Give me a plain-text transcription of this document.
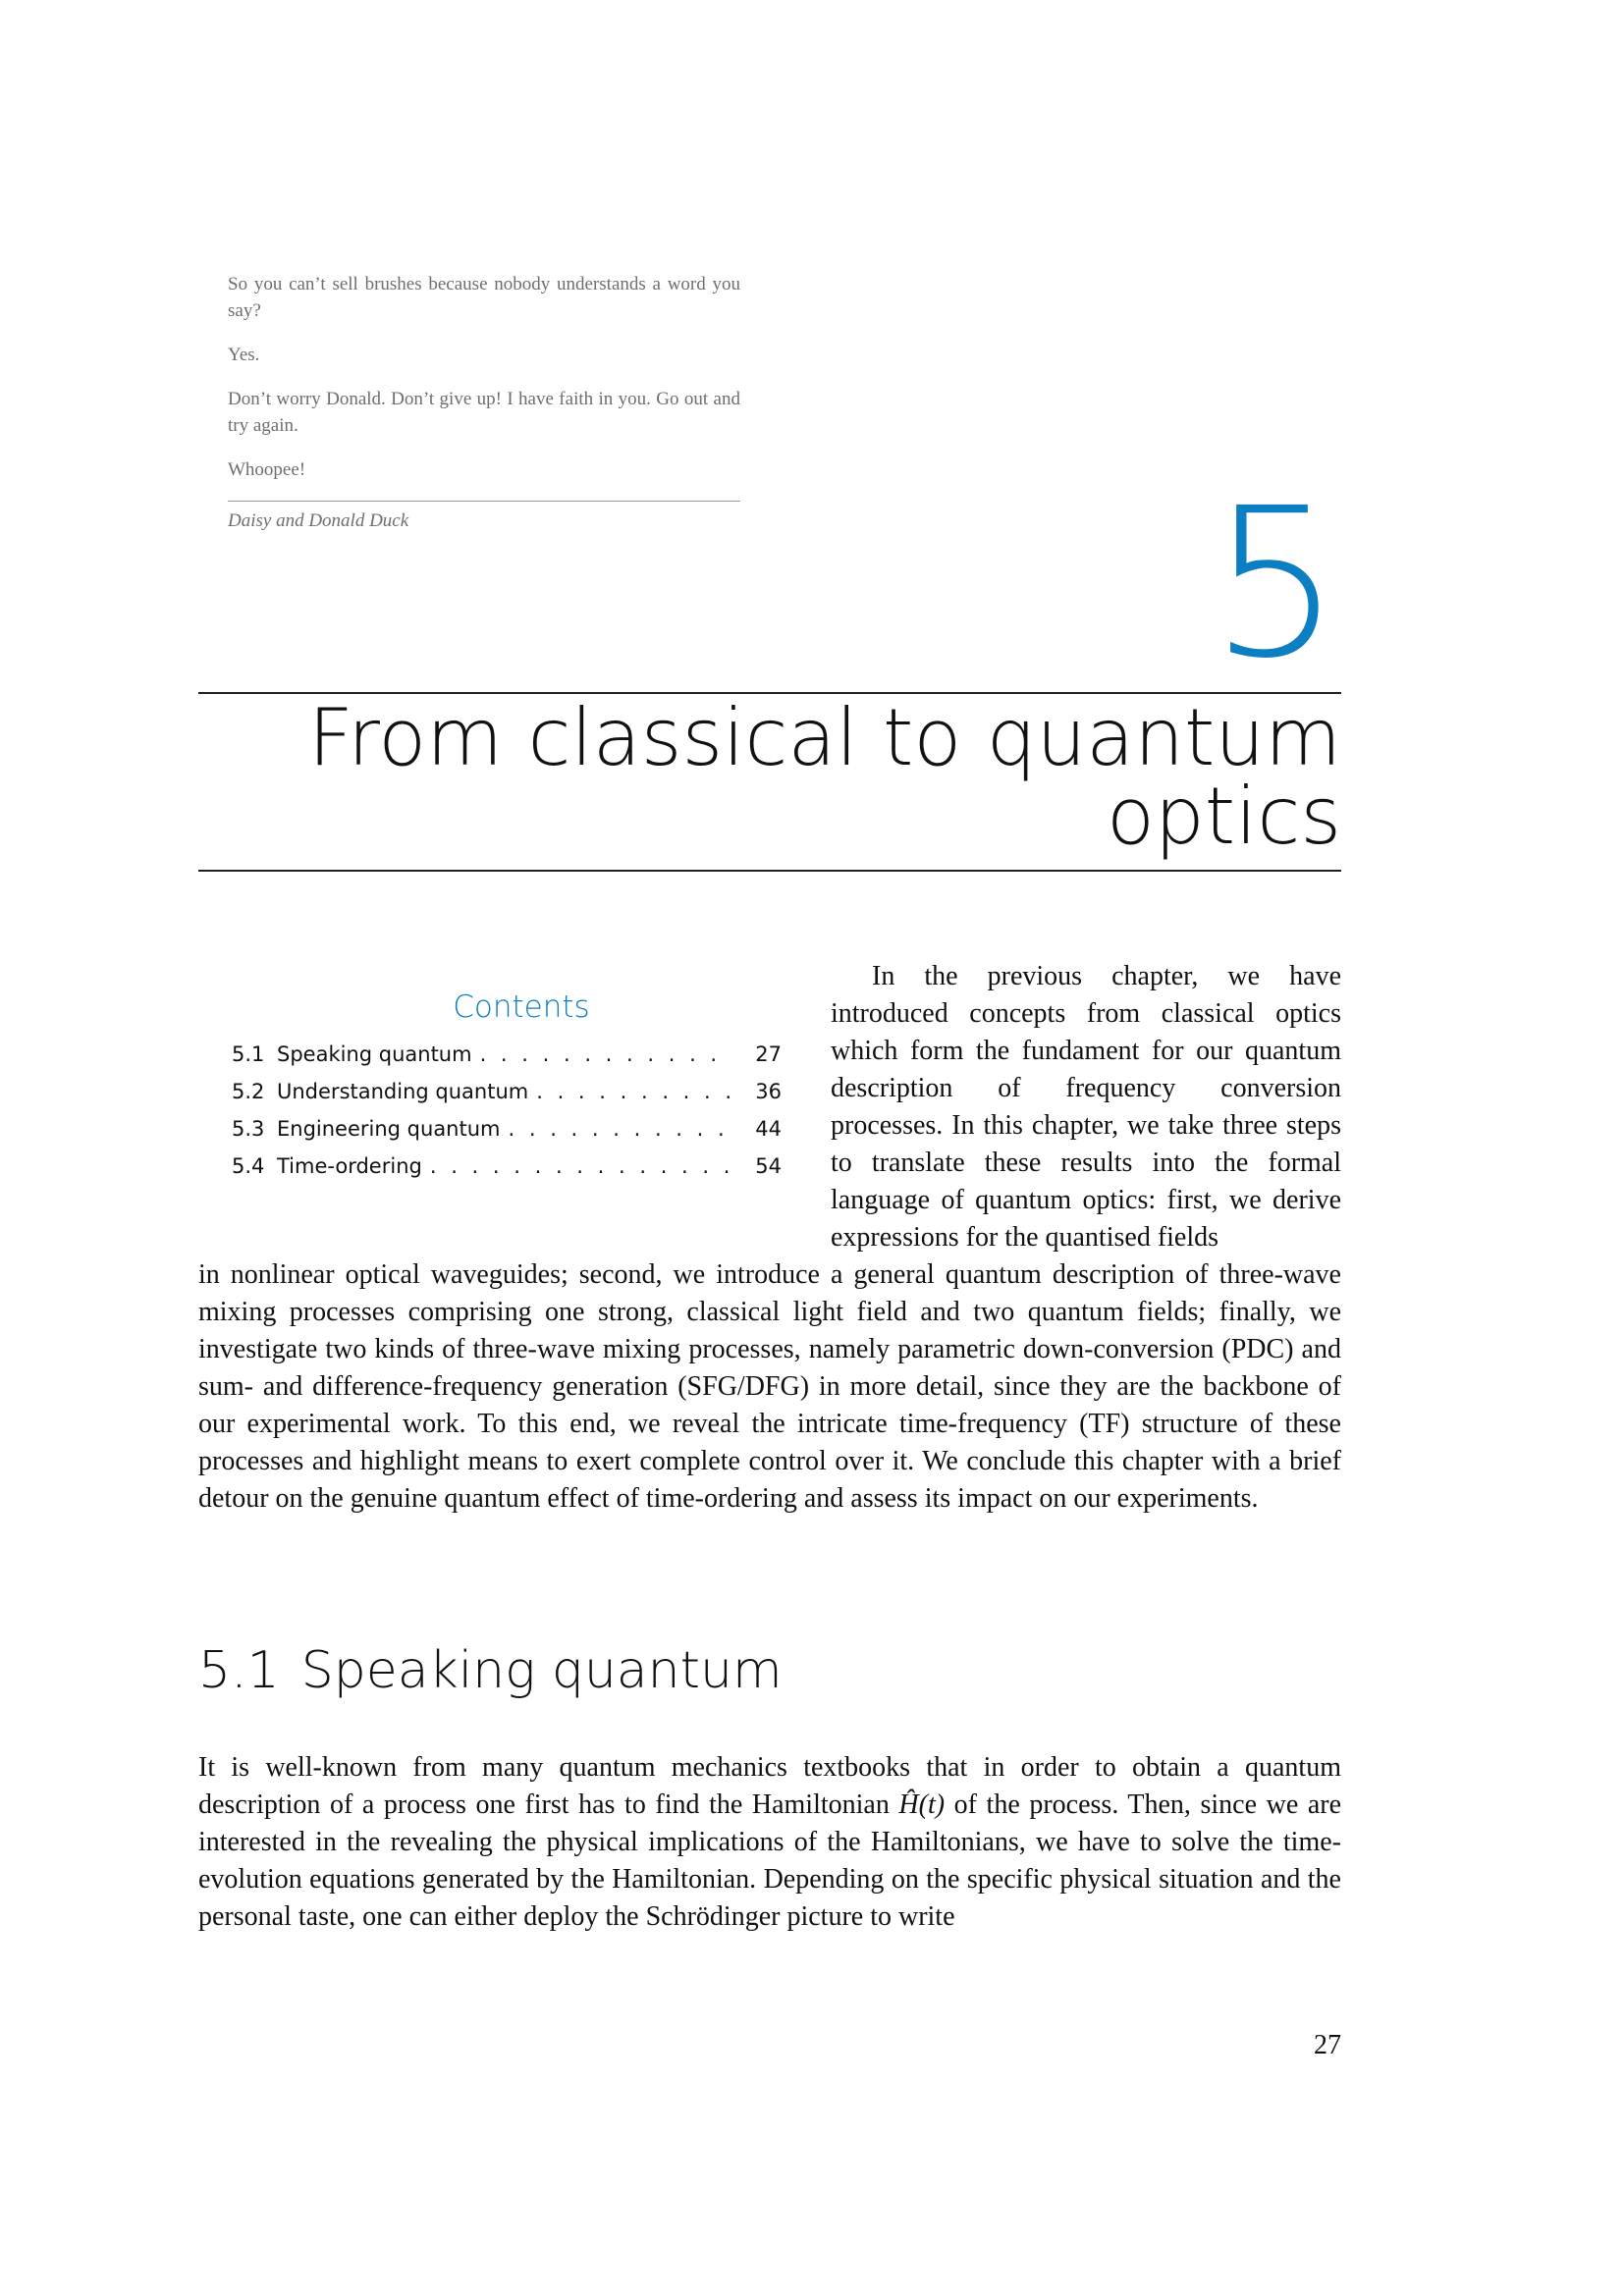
So you can’t sell brushes because nobody understands a word you say?

Yes.

Don’t worry Donald. Don’t give up! I have faith in you. Go out and try again.

Whoopee!

Daisy and Donald Duck	5
From classical to quantum optics
Contents
5.1 Speaking quantum . . .	27
5.2 Understanding quantum . . .	36
5.3 Engineering quantum . . .	44
5.4 Time-ordering . . .	54

In the previous chapter, we have introduced concepts from classical optics which form the fundament for our quantum description of frequency conversion processes. In this chapter, we take three steps to translate these results into the formal language of quantum optics: first, we derive expressions for the quantised fields

in nonlinear optical waveguides; second, we introduce a general quantum description of three-wave mixing processes comprising one strong, classical light field and two quantum fields; finally, we investigate two kinds of three-wave mixing processes, namely parametric down-conversion (PDC) and sum- and difference-frequency generation (SFG/DFG) in more detail, since they are the backbone of our experimental work. To this end, we reveal the intricate time-frequency (TF) structure of these processes and highlight means to exert complete control over it. We conclude this chapter with a brief detour on the genuine quantum effect of time-ordering and assess its impact on our experiments.

5.1 Speaking quantum

It is well-known from many quantum mechanics textbooks that in order to obtain a quantum description of a process one first has to find the Hamiltonian Ĥ(t) of the process. Then, since we are interested in the revealing the physical implications of the Hamiltonians, we have to solve the time-evolution equations generated by the Hamiltonian. Depending on the specific physical situation and the personal taste, one can either deploy the Schrödinger picture to write

27
